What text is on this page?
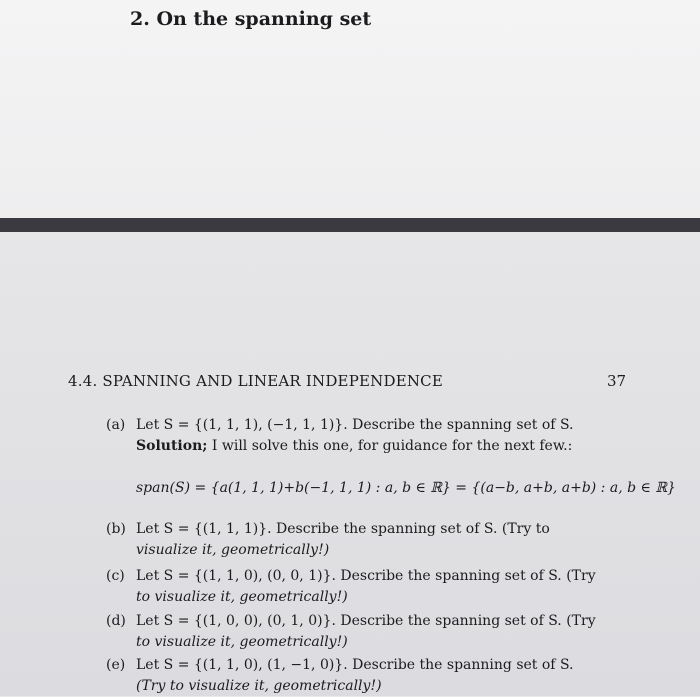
2. On the spanning set
4.4. SPANNING AND LINEAR INDEPENDENCE	37
(a) Let S = {(1, 1, 1), (−1, 1, 1)}. Describe the spanning set of S.
Solution; I will solve this one, for guidance for the next few.:
span(S) = {a(1, 1, 1)+b(−1, 1, 1) : a, b ∈ ℝ} = {(a−b, a+b, a+b) : a, b ∈ ℝ}
(b) Let S = {(1, 1, 1)}. Describe the spanning set of S. (Try to
visualize it, geometrically!)
(c) Let S = {(1, 1, 0), (0, 0, 1)}. Describe the spanning set of S. (Try
to visualize it, geometrically!)
(d) Let S = {(1, 0, 0), (0, 1, 0)}. Describe the spanning set of S. (Try
to visualize it, geometrically!)
(e) Let S = {(1, 1, 0), (1, −1, 0)}. Describe the spanning set of S.
(Try to visualize it, geometrically!)
